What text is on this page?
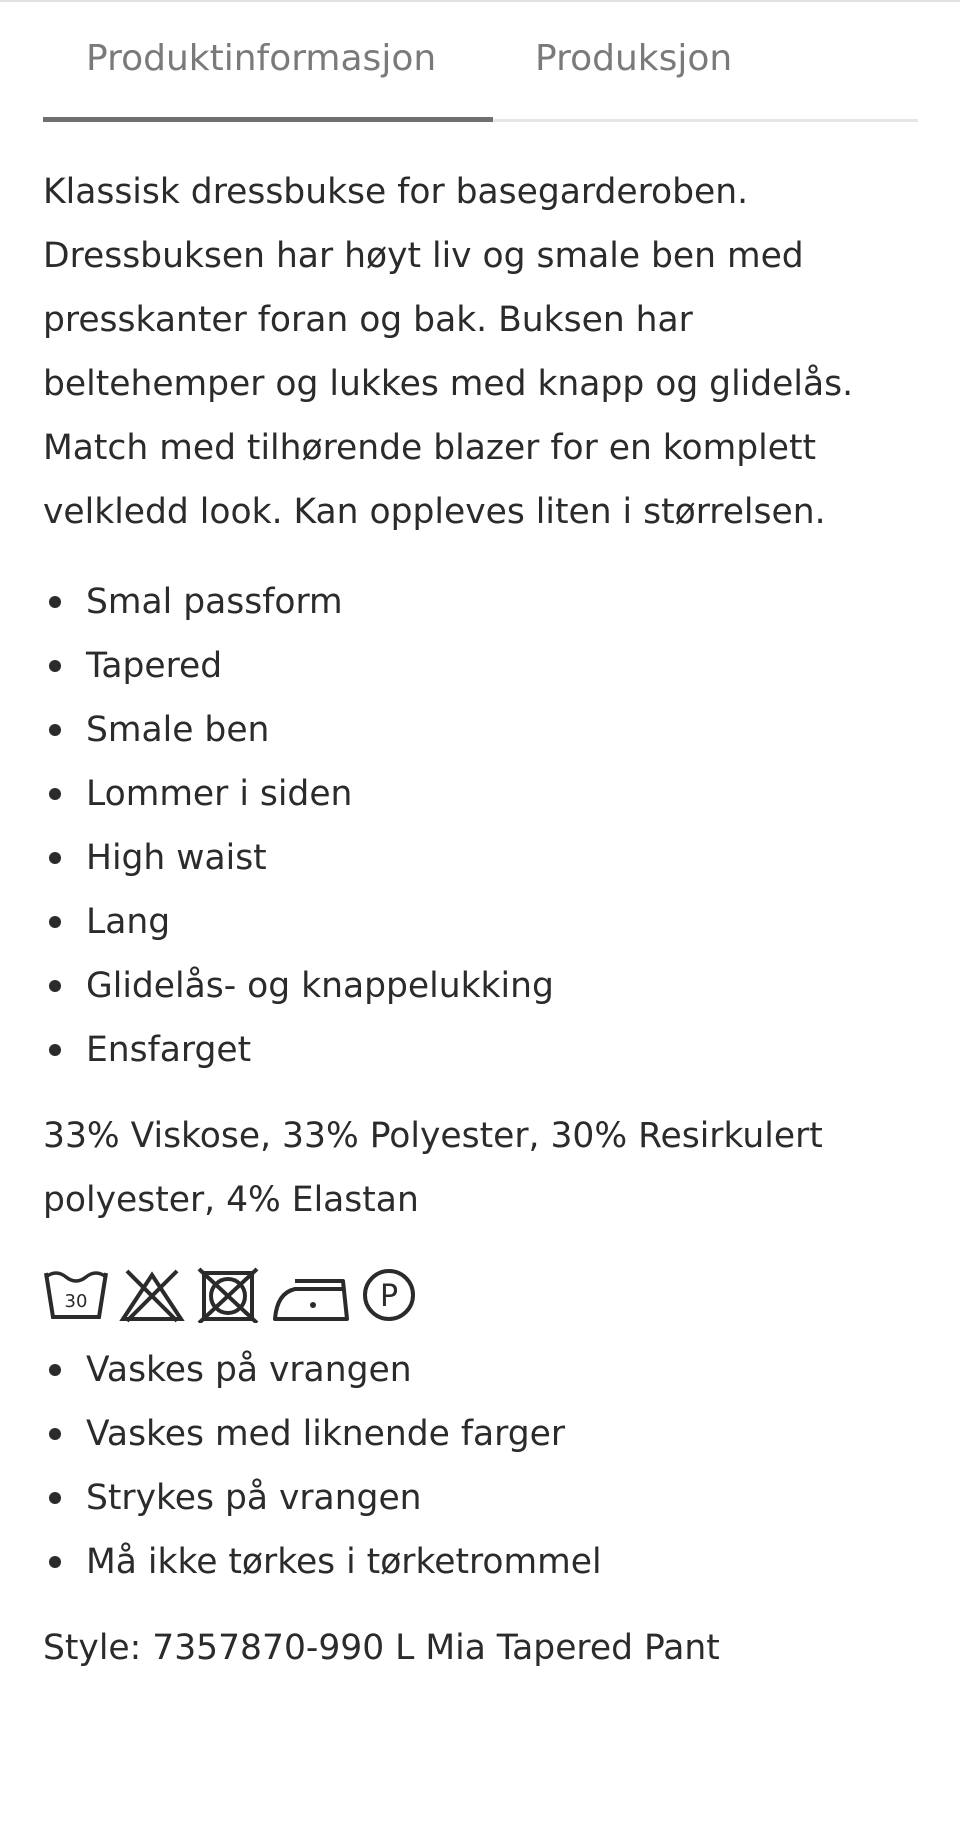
Produktinformasjon	Produksjon

Klassisk dressbukse for basegarderoben. Dressbuksen har høyt liv og smale ben med presskanter foran og bak. Buksen har beltehemper og lukkes med knapp og glidelås. Match med tilhørende blazer for en komplett velkledd look. Kan oppleves liten i størrelsen.

Smal passform
Tapered
Smale ben
Lommer i siden
High waist
Lang
Glidelås- og knappelukking
Ensfarget

33% Viskose, 33% Polyester, 30% Resirkulert polyester, 4% Elastan

30	P
Vaskes på vrangen
Vaskes med liknende farger
Strykes på vrangen
Må ikke tørkes i tørketrommel
Style: 7357870-990 L Mia Tapered Pant
